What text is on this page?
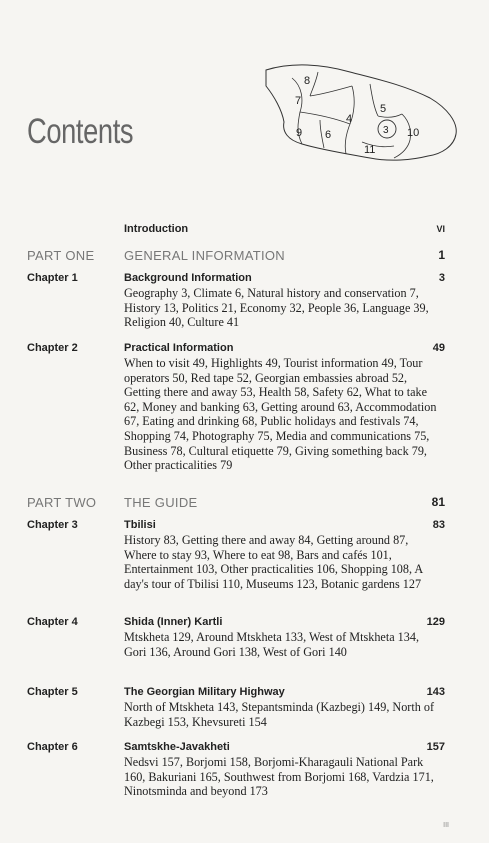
8
7
5
4
9 6	3 10
11
Contents
Introduction	VI
PART ONE GENERAL INFORMATION	1
Chapter 1	Background Information	3
Geography 3, Climate 6, Natural history and conservation 7, History 13, Politics 21, Economy 32, People 36, Language 39, Religion 40, Culture 41
Chapter 2	Practical Information	49
When to visit 49, Highlights 49, Tourist information 49, Tour operators 50, Red tape 52, Georgian embassies abroad 52, Getting there and away 53, Health 58, Safety 62, What to take 62, Money and banking 63, Getting around 63, Accommodation 67, Eating and drinking 68, Public holidays and festivals 74, Shopping 74, Photography 75, Media and communications 75, Business 78, Cultural etiquette 79, Giving something back 79, Other practicalities 79
PART TWO THE GUIDE	81
Chapter 3	Tbilisi	83
History 83, Getting there and away 84, Getting around 87, Where to stay 93, Where to eat 98, Bars and cafés 101, Entertainment 103, Other practicalities 106, Shopping 108, A day's tour of Tbilisi 110, Museums 123, Botanic gardens 127
Chapter 4	Shida (Inner) Kartli	129
Mtskheta 129, Around Mtskheta 133, West of Mtskheta 134, Gori 136, Around Gori 138, West of Gori 140
Chapter 5	The Georgian Military Highway	143
North of Mtskheta 143, Stepantsminda (Kazbegi) 149, North of Kazbegi 153, Khevsureti 154
Chapter 6	Samtskhe-Javakheti	157
Nedsvi 157, Borjomi 158, Borjomi-Kharagauli National Park 160, Bakuriani 165, Southwest from Borjomi 168, Vardzia 171, Ninotsminda and beyond 173
III
